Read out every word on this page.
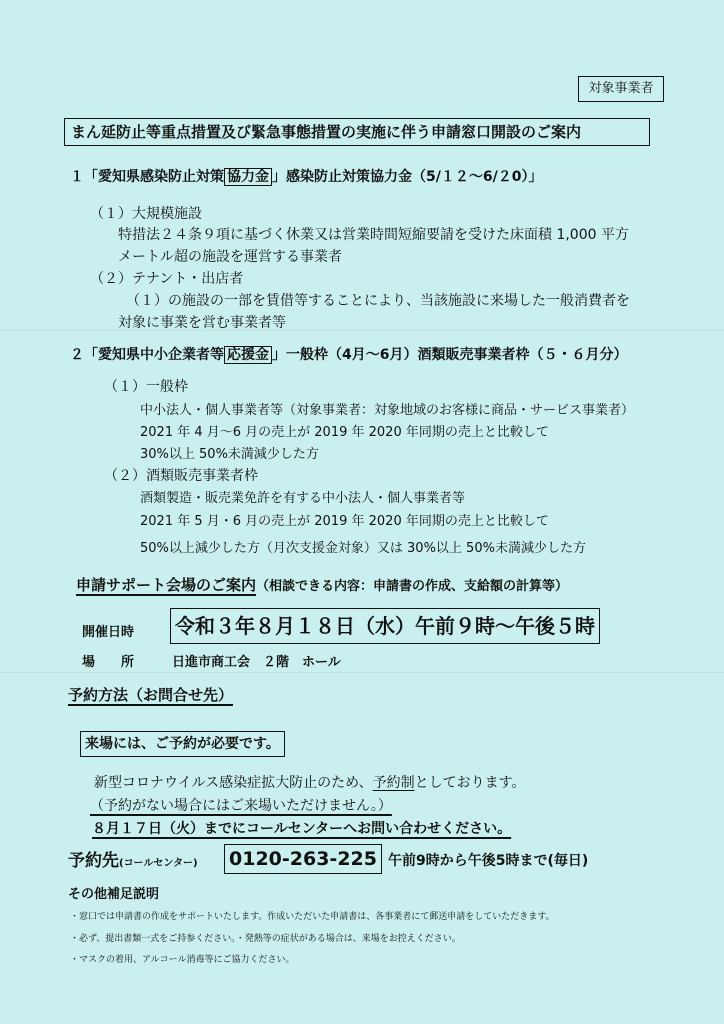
対象事業者
まん延防止等重点措置及び緊急事態措置の実施に伴う申請窓口開設のご案内
１「愛知県感染防止対策 協力金 」感染防止対策協力金（5/１２～6/２0）」
（１）大規模施設
特措法２４条９項に基づく休業又は営業時間短縮要請を受けた床面積 1,000 平方
メートル超の施設を運営する事業者
（２）テナント・出店者
（１）の施設の一部を賃借等することにより、当該施設に来場した一般消費者を
対象に事業を営む事業者等
２「愛知県中小企業者等 応援金 」一般枠（4月～6月）酒類販売事業者枠（５・６月分）
（１）一般枠
中小法人・個人事業者等（対象事業者：対象地域のお客様に商品・サービス事業者）
2021 年 4 月～6 月の売上が 2019 年 2020 年同期の売上と比較して
30%以上 50%未満減少した方
（２）酒類販売事業者枠
酒類製造・販売業免許を有する中小法人・個人事業者等
2021 年 5 月・6 月の売上が 2019 年 2020 年同期の売上と比較して
50%以上減少した方（月次支援金対象）又は 30%以上 50%未満減少した方
申請サポート会場のご案内（相談できる内容：申請書の作成、支給額の計算等）
開催日時 令和３年８月１８日（水）午前９時～午後５時
場　　所	日進市商工会　２階　ホール
予約方法（お問合せ先）
来場には、ご予約が必要です。
新型コロナウイルス感染症拡大防止のため、予約制としております。
（予約がない場合にはご来場いただけません。）
８月１７日（火）までにコールセンターへお問い合わせください。
予約先(コールセンター) 0120-263-225 午前9時から午後5時まで(毎日)
その他補足説明
・窓口では申請書の作成をサポートいたします。作成いただいた申請書は、各事業者にて郵送申請をしていただきます。
・必ず、提出書類一式をご持参ください。・発熱等の症状がある場合は、来場をお控えください。
・マスクの着用、アルコール消毒等にご協力ください。
